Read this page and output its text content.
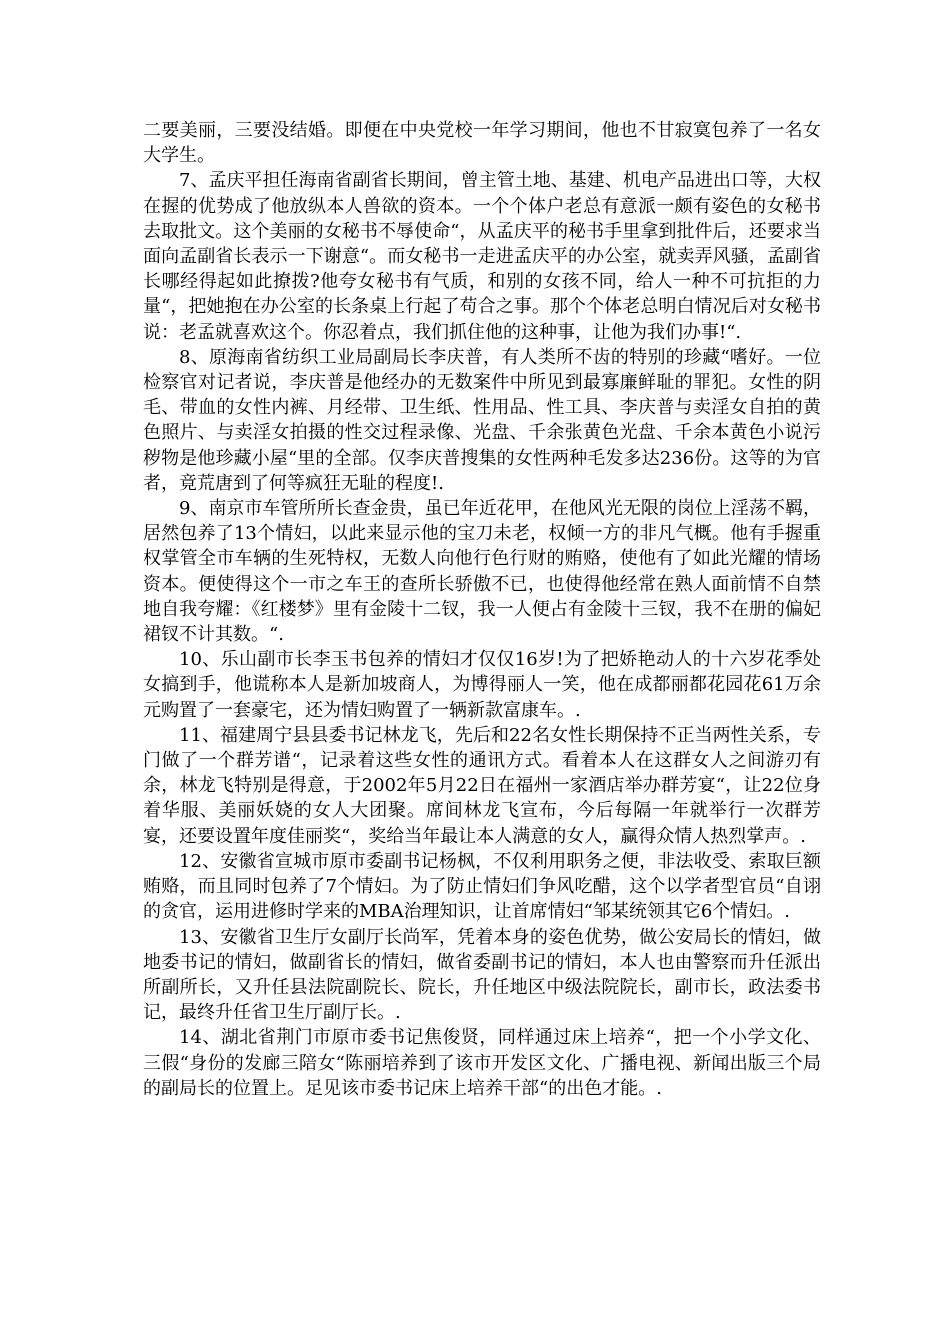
二要美丽，三要没结婚。即便在中央党校一年学习期间，他也不甘寂寞包养了一名女大学生。

7、孟庆平担任海南省副省长期间，曾主管土地、基建、机电产品进出口等，大权在握的优势成了他放纵本人兽欲的资本。一个个体户老总有意派一颇有姿色的女秘书去取批文。这个美丽的女秘书不辱使命“，从孟庆平的秘书手里拿到批件后，还要求当面向孟副省长表示一下谢意“。而女秘书一走进孟庆平的办公室，就卖弄风骚，孟副省长哪经得起如此撩拨?他夸女秘书有气质，和别的女孩不同，给人一种不可抗拒的力量“，把她抱在办公室的长条桌上行起了苟合之事。那个个体老总明白情况后对女秘书说：老孟就喜欢这个。你忍着点，我们抓住他的这种事，让他为我们办事!“.

8、原海南省纺织工业局副局长李庆普，有人类所不齿的特别的珍藏“嗜好。一位检察官对记者说，李庆普是他经办的无数案件中所见到最寡廉鲜耻的罪犯。女性的阴毛、带血的女性内裤、月经带、卫生纸、性用品、性工具、李庆普与卖淫女自拍的黄色照片、与卖淫女拍摄的性交过程录像、光盘、千余张黄色光盘、千余本黄色小说污秽物是他珍藏小屋“里的全部。仅李庆普搜集的女性两种毛发多达236份。这等的为官者，竟荒唐到了何等疯狂无耻的程度!.

9、南京市车管所所长查金贵，虽已年近花甲，在他风光无限的岗位上淫荡不羁，居然包养了13个情妇，以此来显示他的宝刀未老，权倾一方的非凡气概。他有手握重权掌管全市车辆的生死特权，无数人向他行色行财的贿赂，使他有了如此光耀的情场资本。便使得这个一市之车王的查所长骄傲不已，也使得他经常在熟人面前情不自禁地自我夸耀：《红楼梦》里有金陵十二钗，我一人便占有金陵十三钗，我不在册的偏妃裙钗不计其数。“.

10、乐山副市长李玉书包养的情妇才仅仅16岁!为了把娇艳动人的十六岁花季处女搞到手，他谎称本人是新加坡商人，为博得丽人一笑，他在成都丽都花园花61万余元购置了一套豪宅，还为情妇购置了一辆新款富康车。.

11、福建周宁县县委书记林龙飞，先后和22名女性长期保持不正当两性关系，专门做了一个群芳谱“，记录着这些女性的通讯方式。看着本人在这群女人之间游刃有余，林龙飞特别是得意，于2002年5月22日在福州一家酒店举办群芳宴“，让22位身着华服、美丽妖娆的女人大团聚。席间林龙飞宣布，今后每隔一年就举行一次群芳宴，还要设置年度佳丽奖“，奖给当年最让本人满意的女人，赢得众情人热烈掌声。.

12、安徽省宣城市原市委副书记杨枫，不仅利用职务之便，非法收受、索取巨额贿赂，而且同时包养了7个情妇。为了防止情妇们争风吃醋，这个以学者型官员“自诩的贪官，运用进修时学来的MBA治理知识，让首席情妇“邹某统领其它6个情妇。.

13、安徽省卫生厅女副厅长尚军，凭着本身的姿色优势，做公安局长的情妇，做地委书记的情妇，做副省长的情妇，做省委副书记的情妇，本人也由警察而升任派出所副所长，又升任县法院副院长、院长，升任地区中级法院院长，副市长，政法委书记，最终升任省卫生厅副厅长。.

14、湖北省荆门市原市委书记焦俊贤，同样通过床上培养“，把一个小学文化、三假“身份的发廊三陪女“陈丽培养到了该市开发区文化、广播电视、新闻出版三个局的副局长的位置上。足见该市委书记床上培养干部“的出色才能。.
